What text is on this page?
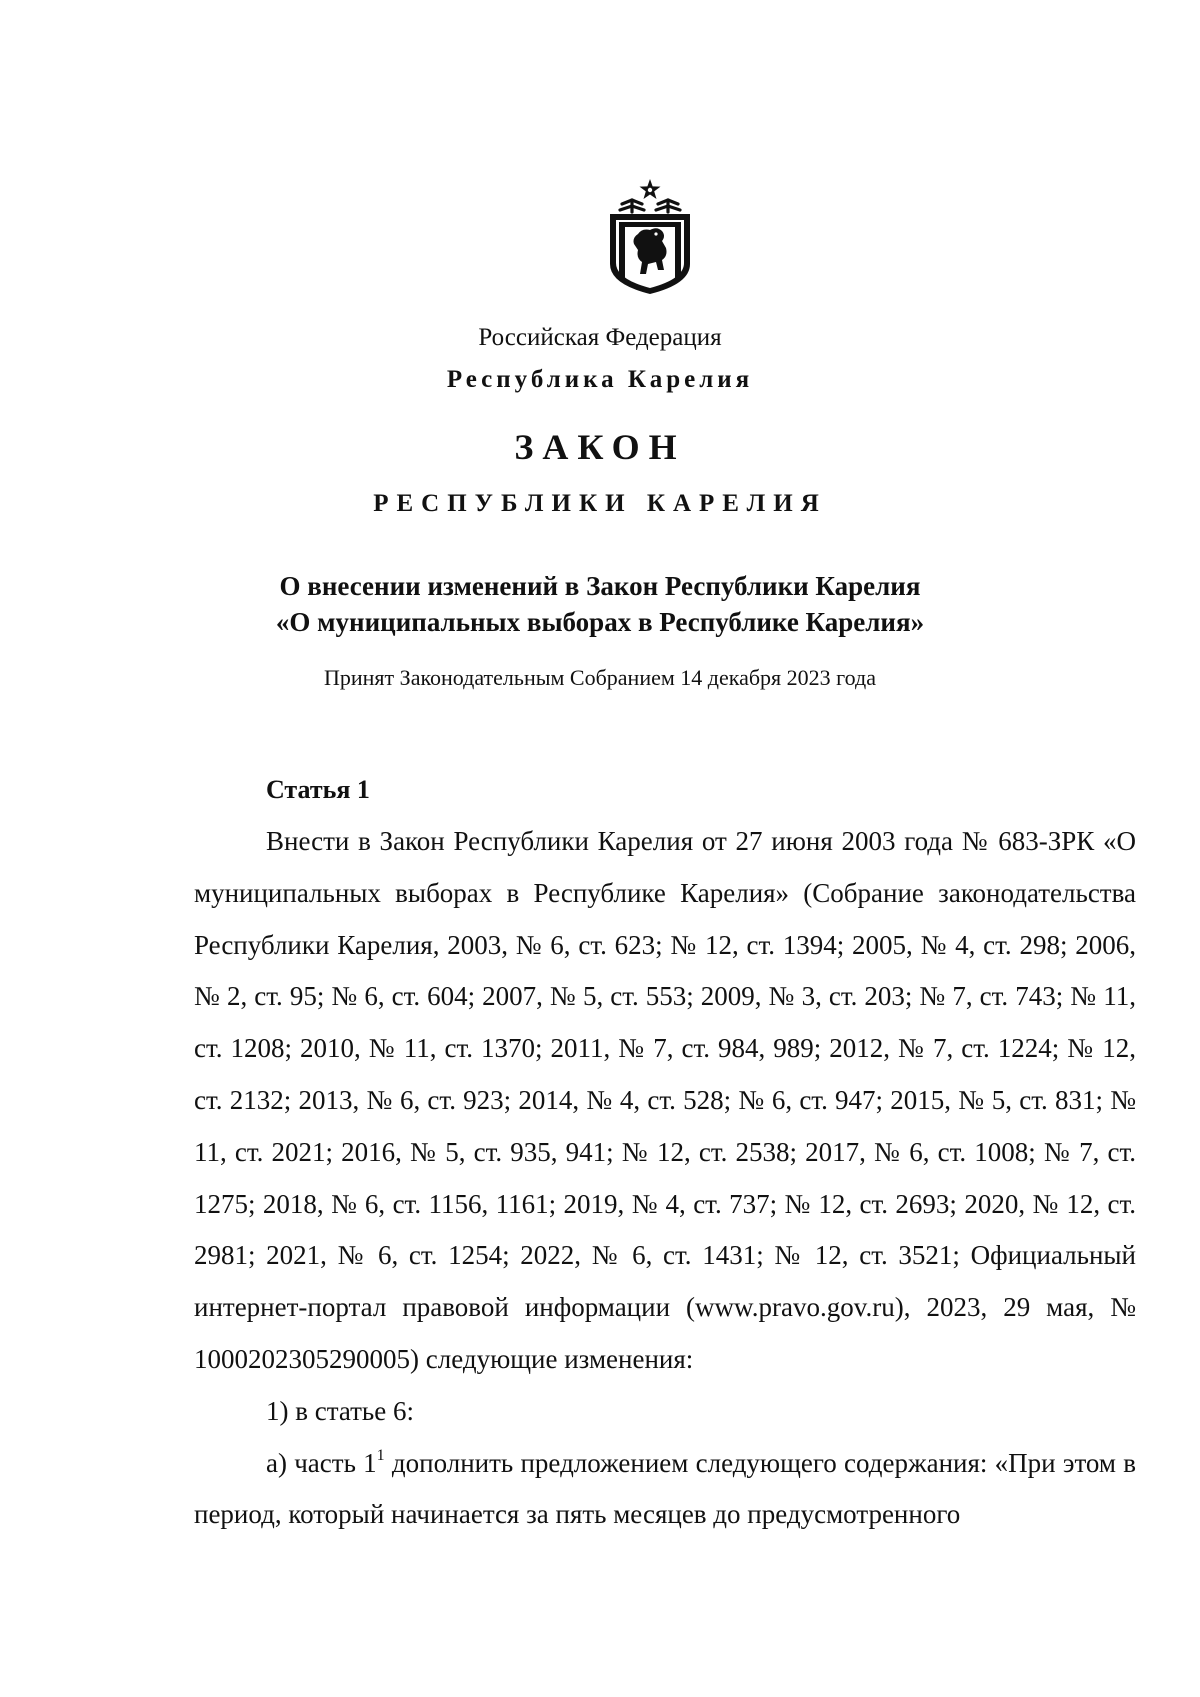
Российская Федерация
Республика Карелия
ЗАКОН
РЕСПУБЛИКИ КАРЕЛИЯ
О внесении изменений в Закон Республики Карелия
«О муниципальных выборах в Республике Карелия»
Принят Законодательным Собранием 14 декабря 2023 года
Статья 1

Внести в Закон Республики Карелия от 27 июня 2003 года № 683-ЗРК «О муниципальных выборах в Республике Карелия» (Собрание законодательства Республики Карелия, 2003, № 6, ст. 623; № 12, ст. 1394; 2005, № 4, ст. 298; 2006, № 2, ст. 95; № 6, ст. 604; 2007, № 5, ст. 553; 2009, № 3, ст. 203; № 7, ст. 743; № 11, ст. 1208; 2010, № 11, ст. 1370; 2011, № 7, ст. 984, 989; 2012, № 7, ст. 1224; № 12, ст. 2132; 2013, № 6, ст. 923; 2014, № 4, ст. 528; № 6, ст. 947; 2015, № 5, ст. 831; № 11, ст. 2021; 2016, № 5, ст. 935, 941; № 12, ст. 2538; 2017, № 6, ст. 1008; № 7, ст. 1275; 2018, № 6, ст. 1156, 1161; 2019, № 4, ст. 737; № 12, ст. 2693; 2020, № 12, ст. 2981; 2021, № 6, ст. 1254; 2022, № 6, ст. 1431; № 12, ст. 3521; Официальный интернет-портал правовой информации (www.pravo.gov.ru), 2023, 29 мая, № 1000202305290005) следующие изменения:

1) в статье 6:

а) часть $1^1$ дополнить предложением следующего содержания: «При этом в период, который начинается за пять месяцев до предусмотренного
